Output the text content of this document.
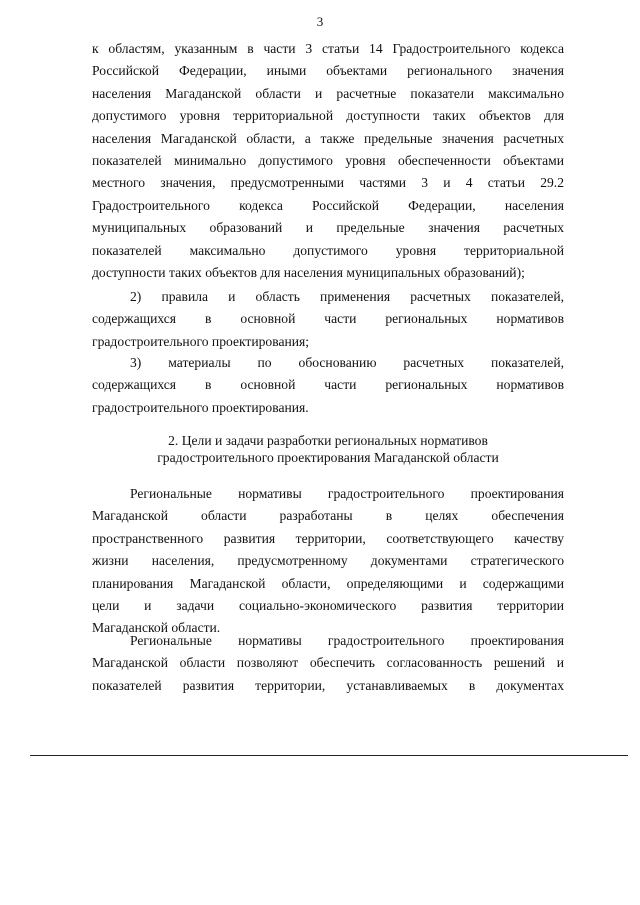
3

к областям, указанным в части 3 статьи 14 Градостроительного кодекса
Российской Федерации, иными объектами регионального значения
населения Магаданской области и расчетные показатели максимально
допустимого уровня территориальной доступности таких объектов для
населения Магаданской области, а также предельные значения расчетных
показателей минимально допустимого уровня обеспеченности объектами
местного значения, предусмотренными частями 3 и 4 статьи 29.2
Градостроительного кодекса Российской Федерации, населения
муниципальных образований и предельные значения расчетных
показателей максимально допустимого уровня территориальной
доступности таких объектов для населения муниципальных образований);

2) правила и область применения расчетных показателей,
содержащихся в основной части региональных нормативов
градостроительного проектирования;

3) материалы по обоснованию расчетных показателей,
содержащихся в основной части региональных нормативов
градостроительного проектирования.

2. Цели и задачи разработки региональных нормативов
градостроительного проектирования Магаданской области

Региональные нормативы градостроительного проектирования
Магаданской области разработаны в целях обеспечения
пространственного развития территории, соответствующего качеству
жизни населения, предусмотренному документами стратегического
планирования Магаданской области, определяющими и содержащими
цели и задачи социально-экономического развития территории
Магаданской области.

Региональные нормативы градостроительного проектирования
Магаданской области позволяют обеспечить согласованность решений и
показателей развития территории, устанавливаемых в документах
